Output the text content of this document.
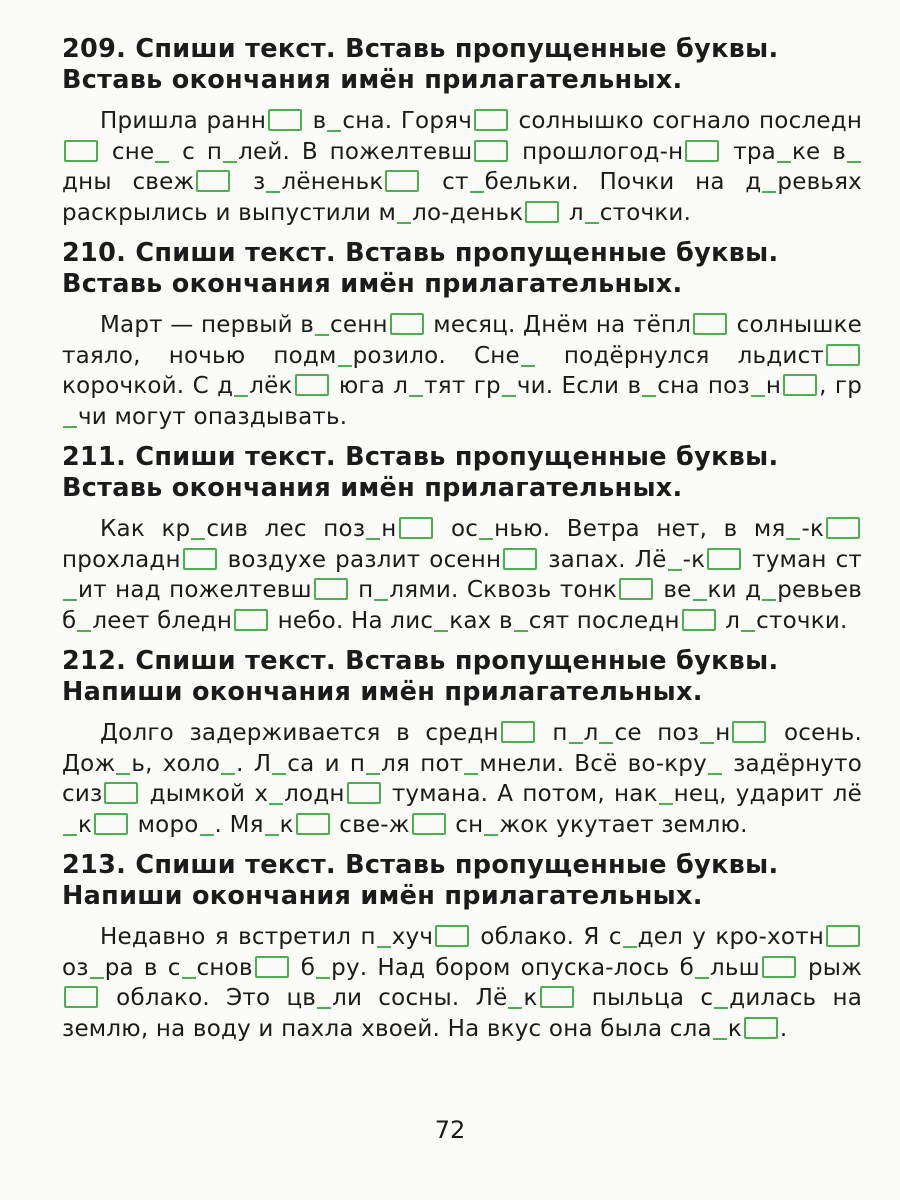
209. Спиши текст. Вставь пропущенные буквы. Вставь окончания имён прилагательных.

Пришла ранн в сна. Горяч солнышко согнало последн сне с п лей. В пожелтевш прошлогод-н тра ке вдны свеж	з лёненьк	ст бельки. Почки на д ревьях раскрылись и выпустили м ло-деньк л сточки.

210. Спиши текст. Вставь пропущенные буквы. Вставь окончания имён прилагательных.

Март — первый в сенн месяц. Днём на тёпл солнышке таяло, ночью подм розило. Сне подёрнулся льдист корочкой. С д лёк юга л тят гр чи. Если в сна поз н , грчи могут опаздывать.

211. Спиши текст. Вставь пропущенные буквы. Вставь окончания имён прилагательных.

Как кр сив лес поз н ос нью. Ветра нет, в мя -к прохладн воздухе разлит осенн запах. Лё -к туман стит над пожелтевш п лями. Сквозь тонк ве ки д ревьев б леет бледн небо. На лис ках в сят последн л сточки.

212. Спиши текст. Вставь пропущенные буквы. Напиши окончания имён прилагательных.

Долго задерживается в средн п л се поз н осень. Дож ь, холо . Л са и п ля пот мнели. Всё во-кру задёрнуто сиз дымкой х лодн тумана. А потом, нак нец, ударит лёк моро . Мя к све-ж сн жок укутает землю.

213. Спиши текст. Вставь пропущенные буквы. Напиши окончания имён прилагательных.

Недавно я встретил п хуч облако. Я с дел у кро-хотн оз ра в с снов б ру. Над бором опуска-лось б льш рыж облако. Это цв ли сосны. Лё к пыльца с дилась на землю, на воду и пахла хвоей. На вкус она была сла к .

72
